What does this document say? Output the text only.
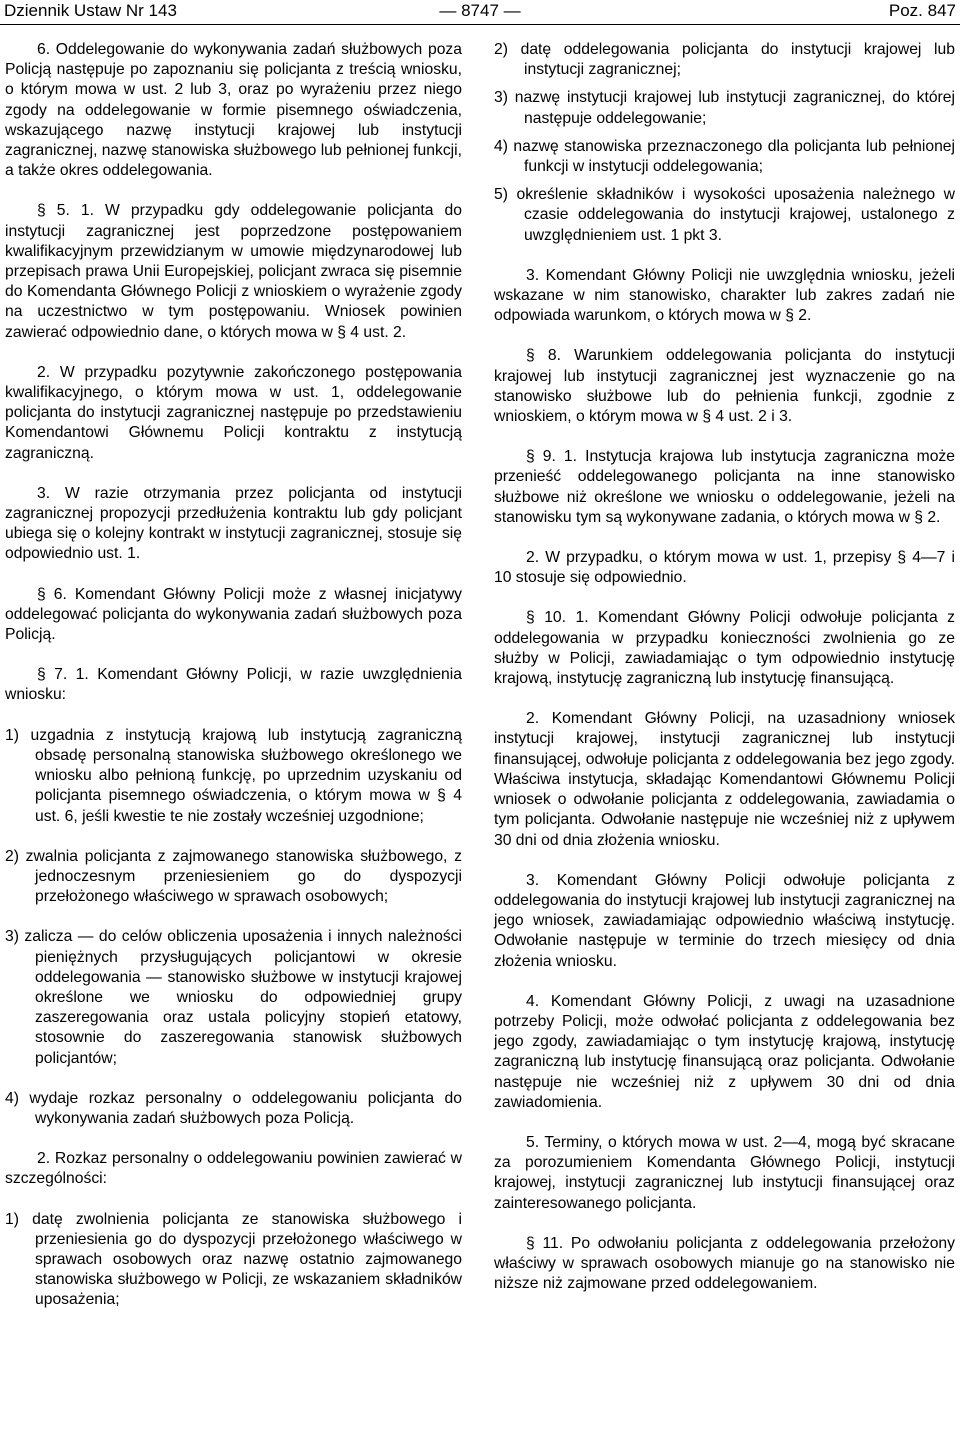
Dziennik Ustaw Nr 143	— 8747 —	Poz. 847

6. Oddelegowanie do wykonywania zadań służbowych poza Policją następuje po zapoznaniu się policjanta z treścią wniosku, o którym mowa w ust. 2 lub 3, oraz po wyrażeniu przez niego zgody na oddelegowanie w formie pisemnego oświadczenia, wskazującego nazwę instytucji krajowej lub instytucji zagranicznej, nazwę stanowiska służbowego lub pełnionej funkcji, a także okres oddelegowania.

§ 5. 1. W przypadku gdy oddelegowanie policjanta do instytucji zagranicznej jest poprzedzone postępowaniem kwalifikacyjnym przewidzianym w umowie międzynarodowej lub przepisach prawa Unii Europejskiej, policjant zwraca się pisemnie do Komendanta Głównego Policji z wnioskiem o wyrażenie zgody na uczestnictwo w tym postępowaniu. Wniosek powinien zawierać odpowiednio dane, o których mowa w § 4 ust. 2.

2. W przypadku pozytywnie zakończonego postępowania kwalifikacyjnego, o którym mowa w ust. 1, oddelegowanie policjanta do instytucji zagranicznej następuje po przedstawieniu Komendantowi Głównemu Policji kontraktu z instytucją zagraniczną.

3. W razie otrzymania przez policjanta od instytucji zagranicznej propozycji przedłużenia kontraktu lub gdy policjant ubiega się o kolejny kontrakt w instytucji zagranicznej, stosuje się odpowiednio ust. 1.

§ 6. Komendant Główny Policji może z własnej inicjatywy oddelegować policjanta do wykonywania zadań służbowych poza Policją.

§ 7. 1. Komendant Główny Policji, w razie uwzględnienia wniosku:

1) uzgadnia z instytucją krajową lub instytucją zagraniczną obsadę personalną stanowiska służbowego określonego we wniosku albo pełnioną funkcję, po uprzednim uzyskaniu od policjanta pisemnego oświadczenia, o którym mowa w § 4 ust. 6, jeśli kwestie te nie zostały wcześniej uzgodnione;

2) zwalnia policjanta z zajmowanego stanowiska służbowego, z jednoczesnym przeniesieniem go do dyspozycji przełożonego właściwego w sprawach osobowych;

3) zalicza — do celów obliczenia uposażenia i innych należności pieniężnych przysługujących policjantowi w okresie oddelegowania — stanowisko służbowe w instytucji krajowej określone we wniosku do odpowiedniej grupy zaszeregowania oraz ustala policyjny stopień etatowy, stosownie do zaszeregowania stanowisk służbowych policjantów;

4) wydaje rozkaz personalny o oddelegowaniu policjanta do wykonywania zadań służbowych poza Policją.

2. Rozkaz personalny o oddelegowaniu powinien zawierać w szczególności:

1) datę zwolnienia policjanta ze stanowiska służbowego i przeniesienia go do dyspozycji przełożonego właściwego w sprawach osobowych oraz nazwę ostatnio zajmowanego stanowiska służbowego w Policji, ze wskazaniem składników uposażenia;

2) datę oddelegowania policjanta do instytucji krajowej lub instytucji zagranicznej;

3) nazwę instytucji krajowej lub instytucji zagranicznej, do której następuje oddelegowanie;

4) nazwę stanowiska przeznaczonego dla policjanta lub pełnionej funkcji w instytucji oddelegowania;

5) określenie składników i wysokości uposażenia należnego w czasie oddelegowania do instytucji krajowej, ustalonego z uwzględnieniem ust. 1 pkt 3.

3. Komendant Główny Policji nie uwzględnia wniosku, jeżeli wskazane w nim stanowisko, charakter lub zakres zadań nie odpowiada warunkom, o których mowa w § 2.

§ 8. Warunkiem oddelegowania policjanta do instytucji krajowej lub instytucji zagranicznej jest wyznaczenie go na stanowisko służbowe lub do pełnienia funkcji, zgodnie z wnioskiem, o którym mowa w § 4 ust. 2 i 3.

§ 9. 1. Instytucja krajowa lub instytucja zagraniczna może przenieść oddelegowanego policjanta na inne stanowisko służbowe niż określone we wniosku o oddelegowanie, jeżeli na stanowisku tym są wykonywane zadania, o których mowa w § 2.

2. W przypadku, o którym mowa w ust. 1, przepisy § 4—7 i 10 stosuje się odpowiednio.

§ 10. 1. Komendant Główny Policji odwołuje policjanta z oddelegowania w przypadku konieczności zwolnienia go ze służby w Policji, zawiadamiając o tym odpowiednio instytucję krajową, instytucję zagraniczną lub instytucję finansującą.

2. Komendant Główny Policji, na uzasadniony wniosek instytucji krajowej, instytucji zagranicznej lub instytucji finansującej, odwołuje policjanta z oddelegowania bez jego zgody. Właściwa instytucja, składając Komendantowi Głównemu Policji wniosek o odwołanie policjanta z oddelegowania, zawiadamia o tym policjanta. Odwołanie następuje nie wcześniej niż z upływem 30 dni od dnia złożenia wniosku.

3. Komendant Główny Policji odwołuje policjanta z oddelegowania do instytucji krajowej lub instytucji zagranicznej na jego wniosek, zawiadamiając odpowiednio właściwą instytucję. Odwołanie następuje w terminie do trzech miesięcy od dnia złożenia wniosku.

4. Komendant Główny Policji, z uwagi na uzasadnione potrzeby Policji, może odwołać policjanta z oddelegowania bez jego zgody, zawiadamiając o tym instytucję krajową, instytucję zagraniczną lub instytucję finansującą oraz policjanta. Odwołanie następuje nie wcześniej niż z upływem 30 dni od dnia zawiadomienia.

5. Terminy, o których mowa w ust. 2—4, mogą być skracane za porozumieniem Komendanta Głównego Policji, instytucji krajowej, instytucji zagranicznej lub instytucji finansującej oraz zainteresowanego policjanta.

§ 11. Po odwołaniu policjanta z oddelegowania przełożony właściwy w sprawach osobowych mianuje go na stanowisko nie niższe niż zajmowane przed oddelegowaniem.
